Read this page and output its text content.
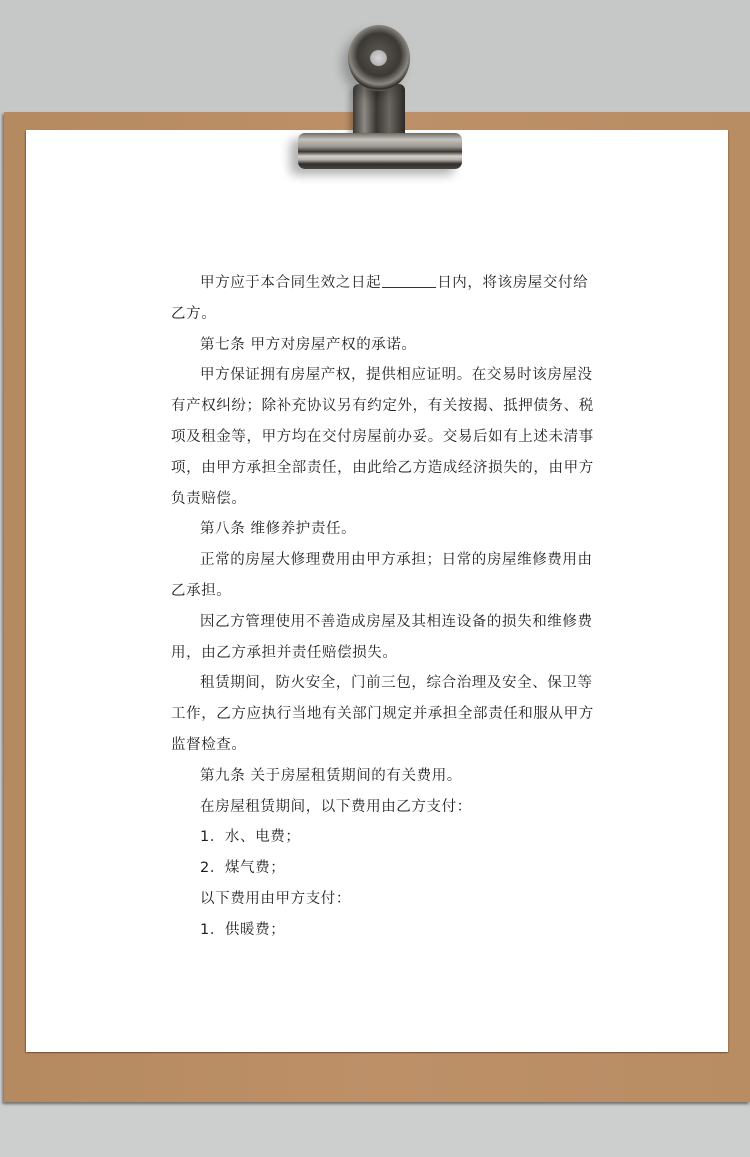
甲方应于本合同生效之日起	日内，将该房屋交付给
乙方。
第七条 甲方对房屋产权的承诺。
甲方保证拥有房屋产权，提供相应证明。在交易时该房屋没
有产权纠纷；除补充协议另有约定外，有关按揭、抵押债务、税
项及租金等，甲方均在交付房屋前办妥。交易后如有上述未清事
项，由甲方承担全部责任，由此给乙方造成经济损失的，由甲方
负责赔偿。
第八条 维修养护责任。
正常的房屋大修理费用由甲方承担；日常的房屋维修费用由
乙承担。
因乙方管理使用不善造成房屋及其相连设备的损失和维修费
用，由乙方承担并责任赔偿损失。
租赁期间，防火安全，门前三包，综合治理及安全、保卫等
工作，乙方应执行当地有关部门规定并承担全部责任和服从甲方
监督检查。
第九条 关于房屋租赁期间的有关费用。
在房屋租赁期间，以下费用由乙方支付：
1．水、电费；
2．煤气费；
以下费用由甲方支付：
1．供暖费；
